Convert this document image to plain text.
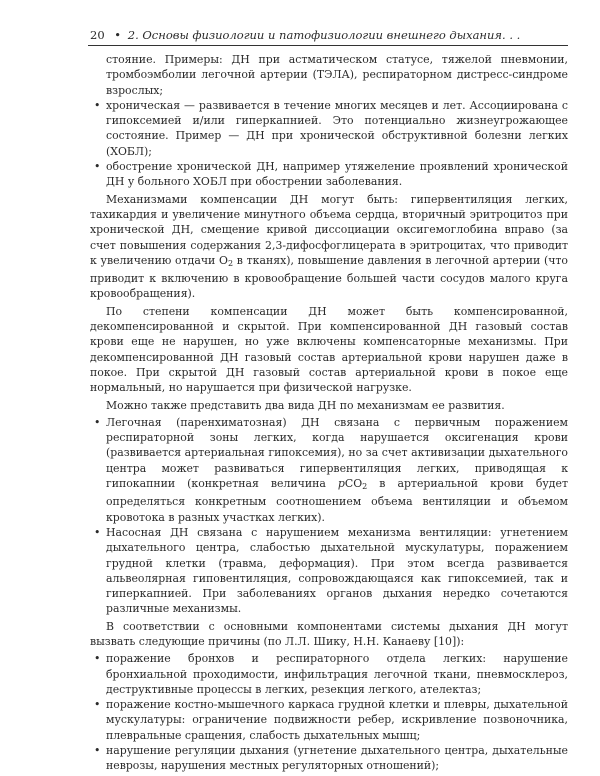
20 • 2. Основы физиологии и патофизиологии внешнего дыхания. . .
стояние. Примеры: ДН при астматическом статусе, тяжелой пневмонии, тромбоэмболии легочной артерии (ТЭЛА), респираторном дистресс-синдроме взрослых;
• хроническая — развивается в течение многих месяцев и лет. Ассоциирована с гипоксемией и/или гиперкапнией. Это потенциально жизнеугрожающее состояние. Пример — ДН при хронической обструктивной болезни легких (ХОБЛ);
• обострение хронической ДН, например утяжеление проявлений хронической ДН у больного ХОБЛ при обострении заболевания.

Механизмами компенсации ДН могут быть: гипервентиляция легких, тахикардия и увеличение минутного объема сердца, вторичный эритроцитоз при хронической ДН, смещение кривой диссоциации оксигемоглобина вправо (за счет повышения содержания 2,3-дифосфоглицерата в эритроцитах, что приводит к увеличению отдачи $O_2$ в тканях), повышение давления в легочной артерии (что приводит к включению в кровообращение большей части сосудов малого круга кровообращения).

По степени компенсации ДН может быть компенсированной, декомпенсированной и скрытой. При компенсированной ДН газовый состав крови еще не нарушен, но уже включены компенсаторные механизмы. При декомпенсированной ДН газовый состав артериальной крови нарушен даже в покое. При скрытой ДН газовый состав артериальной крови в покое еще нормальный, но нарушается при физической нагрузке.

Можно также представить два вида ДН по механизмам ее развития.

• Легочная (паренхиматозная) ДН связана с первичным поражением респираторной зоны легких, когда нарушается оксигенация крови (развивается артериальная гипоксемия), но за счет активизации дыхательного центра может развиваться гипервентиляция легких, приводящая к гипокапнии (конкретная величина pCO$_2$ в артериальной крови будет определяться конкретным соотношением объема вентиляции и объемом кровотока в разных участках легких).
• Насосная ДН связана с нарушением механизма вентиляции: угнетением дыхательного центра, слабостью дыхательной мускулатуры, поражением грудной клетки (травма, деформация). При этом всегда развивается альвеолярная гиповентиляция, сопровождающаяся как гипоксемией, так и гиперкапнией. При заболеваниях органов дыхания нередко сочетаются различные механизмы.

В соответствии с основными компонентами системы дыхания ДН могут вызвать следующие причины (по Л.Л. Шику, Н.Н. Канаеву [10]):

• поражение бронхов и респираторного отдела легких: нарушение бронхиальной проходимости, инфильтрация легочной ткани, пневмосклероз, деструктивные процессы в легких, резекция легкого, ателектаз;
• поражение костно-мышечного каркаса грудной клетки и плевры, дыхательной мускулатуры: ограничение подвижности ребер, искривление позвоночника, плевральные сращения, слабость дыхательных мышц;
• нарушение регуляции дыхания (угнетение дыхательного центра, дыхательные неврозы, нарушения местных регуляторных отношений);
